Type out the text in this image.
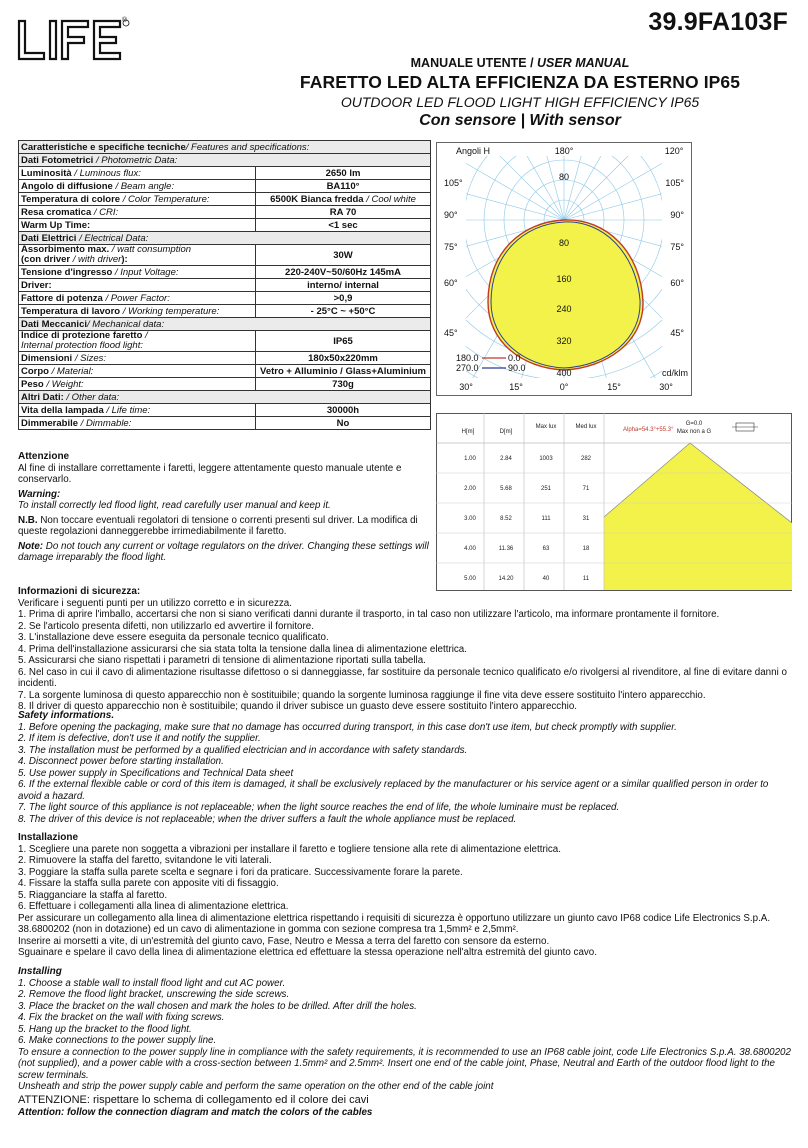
®	39.9FA103F
MANUALE UTENTE / USER MANUAL
FARETTO LED ALTA EFFICIENZA DA ESTERNO IP65
OUTDOOR LED FLOOD LIGHT HIGH EFFICIENCY IP65
Con sensore | With sensor
Caratteristiche e specifiche tecniche/ Features and specifications:	
Dati Fotometrici / Photometric Data:	
Luminosità / Luminous flux:	2650 lm
Angolo di diffusione / Beam angle:	BA110°
Temperatura di colore / Color Temperature:	6500K Bianca fredda / Cool white
Resa cromatica / CRI:	RA 70
Warm Up Time:	<1 sec
Dati Elettrici / Electrical Data:	
Assorbimento max. / watt consumption
(con driver / with driver):	30W
Tensione d'ingresso / Input Voltage:	220-240V~50/60Hz 145mA
Driver:	interno/ internal
Fattore di potenza / Power Factor:	>0,9
Temperatura di lavoro / Working temperature:	- 25°C ~ +50°C
Dati Meccanici/ Mechanical data:	
Indice di protezione faretto /
Internal protection flood light:	IP65
Dimensioni / Sizes:	180x50x220mm
Corpo / Material:	Vetro + Alluminio / Glass+Aluminium
Peso / Weight:	730g
Altri Dati: / Other data:	
Vita della lampada / Life time:	30000h
Dimmerabile / Dimmable:	No
Angoli H	180°	120°
105°
90°
75°
60°
45°
105°
90°
75°
60°
45°
30°	15°	0°	15°	30°
80
80
160
240
320
400	cd/klm
180.0	0.0
270.0	90.0
H[m]	D[m]
Max lux	Med lux	Alpha=54.3°+55.3°
G=0.0
Max non a G
1.00	2.84	1003	282
2.00	5.68	251	71
3.00	8.52	111	31
4.00	11.36	63	18
5.00	14.20	40	11

Attenzione

Al fine di installare correttamente i faretti, leggere attentamente questo manuale utente e conservarlo.

Warning:

To install correctly led flood light, read carefully user manual and keep it.

N.B. Non toccare eventuali regolatori di tensione o correnti presenti sul driver. La modifica di queste regolazioni danneggerebbe irrimediabilmente il faretto.

Note: Do not touch any current or voltage regulators on the driver. Changing these settings will damage irreparably the flood light.

Informazioni di sicurezza:

Verificare i seguenti punti per un utilizzo corretto e in sicurezza.

1. Prima di aprire l'imballo, accertarsi che non si siano verificati danni durante il trasporto, in tal caso non utilizzare l'articolo, ma informare prontamente il fornitore.

2. Se l'articolo presenta difetti, non utilizzarlo ed avvertire il fornitore.

3. L'installazione deve essere eseguita da personale tecnico qualificato.

4. Prima dell'installazione assicurarsi che sia stata tolta la tensione dalla linea di alimentazione elettrica.

5. Assicurarsi che siano rispettati i parametri di tensione di alimentazione riportati sulla tabella.

6. Nel caso in cui il cavo di alimentazione risultasse difettoso o si danneggiasse, far sostituire da personale tecnico qualificato e/o rivolgersi al rivenditore, al fine di evitare danni o incidenti.

7. La sorgente luminosa di questo apparecchio non è sostituibile; quando la sorgente luminosa raggiunge il fine vita deve essere sostituito l'intero apparecchio.

8. Il driver di questo apparecchio non è sostituibile; quando il driver subisce un guasto deve essere sostituito l'intero apparecchio.

Safety informations.

1. Before opening the packaging, make sure that no damage has occurred during transport, in this case don't use item, but check promptly with supplier.

2. If item is defective, don't use it and notify the supplier.

3. The installation must be performed by a qualified electrician and in accordance with safety standards.

4. Disconnect power before starting installation.

5. Use power supply in Specifications and Technical Data sheet

6. If the external flexible cable or cord of this item is damaged, it shall be exclusively replaced by the manufacturer or his service agent or a similar qualified person in order to avoid a hazard.

7. The light source of this appliance is not replaceable; when the light source reaches the end of life, the whole luminaire must be replaced.

8. The driver of this device is not replaceable; when the driver suffers a fault the whole appliance must be replaced.

Installazione

1. Scegliere una parete non soggetta a vibrazioni per installare il faretto e togliere tensione alla rete di alimentazione elettrica.

2. Rimuovere la staffa del faretto, svitandone le viti laterali.

3. Poggiare la staffa sulla parete scelta e segnare i fori da praticare. Successivamente forare la parete.

4. Fissare la staffa sulla parete con apposite viti di fissaggio.

5. Riagganciare la staffa al faretto.

6. Effettuare i collegamenti alla linea di alimentazione elettrica.

Per assicurare un collegamento alla linea di alimentazione elettrica rispettando i requisiti di sicurezza è opportuno utilizzare un giunto cavo IP68 codice Life Electronics S.p.A. 38.6800202 (non in dotazione) ed un cavo di alimentazione in gomma con sezione compresa tra 1,5mm² e 2,5mm².

Inserire ai morsetti a vite, di un'estremità del giunto cavo, Fase, Neutro e Messa a terra del faretto con sensore da esterno.

Sguainare e spelare il cavo della linea di alimentazione elettrica ed effettuare la stessa operazione nell'altra estremità del giunto cavo.

Installing

1. Choose a stable wall to install flood light and cut AC power.

2. Remove the flood light bracket, unscrewing the side screws.

3. Place the bracket on the wall chosen and mark the holes to be drilled. After drill the holes.

4. Fix the bracket on the wall with fixing screws.

5. Hang up the bracket to the flood light.

6. Make connections to the power supply line.

To ensure a connection to the power supply line in compliance with the safety requirements, it is recommended to use an IP68 cable joint, code Life Electronics S.p.A. 38.6800202 (not supplied), and a power cable with a cross-section between 1.5mm² and 2.5mm². Insert one end of the cable joint, Phase, Neutral and Earth of the outdoor flood light to the screw terminals.

Unsheath and strip the power supply cable and perform the same operation on the other end of the cable joint

ATTENZIONE: rispettare lo schema di collegamento ed il colore dei cavi

Attention: follow the connection diagram and match the colors of the cables
